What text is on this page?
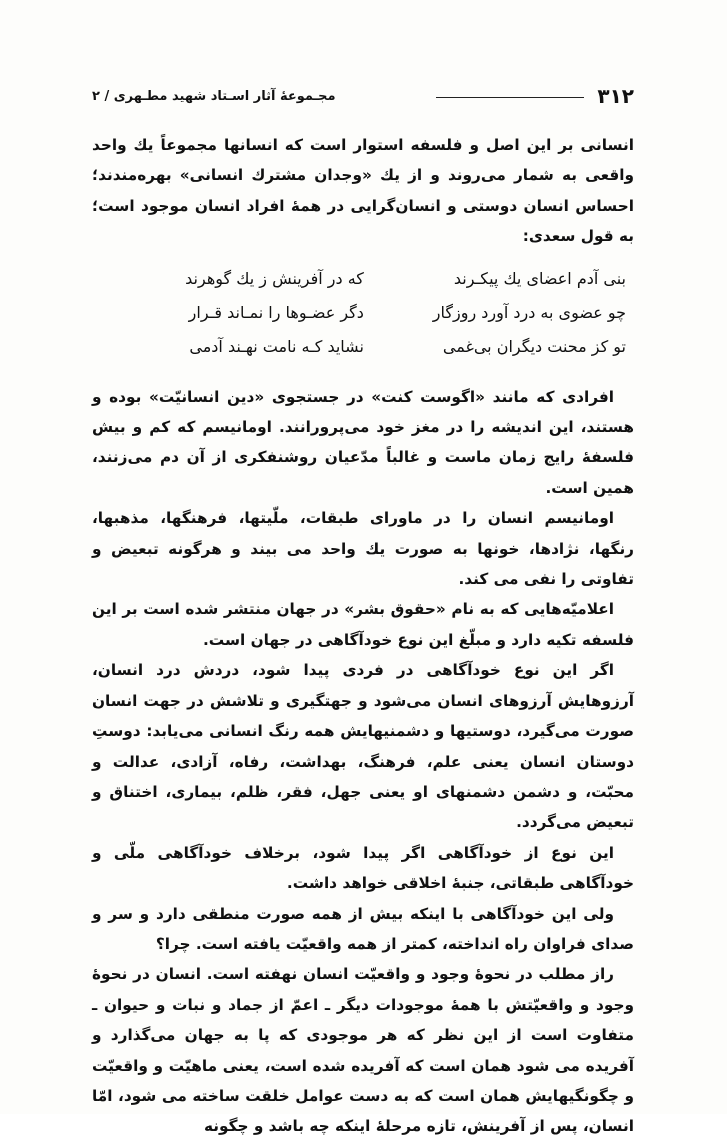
۳۱۲
مجـموعهٔ آثار اسـتاد شهید مطـهری / ۲

انسانی بر این اصل و فلسفه استوار است که انسانها مجموعاً یك واحد واقعی به شمار می‌روند و از یك «وجدان مشترك انسانی» بهره‌مندند؛ احساس انسان دوستی و انسان‌گرایی در همهٔ افراد انسان موجود است؛ به قول سعدی:

بنی آدم اعضای یك پیکـرند
که در آفرینش ز یك گوهرند
چو عضوی به درد آورد روزگار
دگر عضـوها را نمـاند قـرار
تو کز محنت دیگران بی‌غمی
نشاید کـه نامت نهـند آدمی

افرادی که مانند «اگوست کنت» در جستجوی «دین انسانیّت» بوده و هستند، این اندیشه را در مغز خود می‌پرورانند. اومانیسم که کم و بیش فلسفهٔ رایج زمان ماست و غالباً مدّعیان روشنفکری از آن دم می‌زنند، همین است.

اومانیسم انسان را در ماورای طبقات، ملّیتها، فرهنگها، مذهبها، رنگها، نژادها، خونها به صورت یك واحد می بیند و هرگونه تبعیض و تفاوتی را نفی می کند.

اعلامیّه‌هایی که به نام «حقوق بشر» در جهان منتشر شده است بر این فلسفه تکیه دارد و مبلّغ این نوع خودآگاهی در جهان است.

اگر این نوع خودآگاهی در فردی پیدا شود، دردش درد انسان، آرزوهایش آرزوهای انسان می‌شود و جهتگیری و تلاشش در جهت انسان صورت می‌گیرد، دوستیها و دشمنیهایش همه رنگ انسانی می‌یابد: دوستِ دوستان انسان یعنی علم، فرهنگ، بهداشت، رفاه، آزادی، عدالت و محبّت، و دشمن دشمنهای او یعنی جهل، فقر، ظلم، بیماری، اختناق و تبعیض می‌گردد.

این نوع از خودآگاهی اگر پیدا شود، برخلاف خودآگاهی ملّی و خودآگاهی طبقاتی، جنبهٔ اخلاقی خواهد داشت.

ولی این خودآگاهی با اینکه بیش از همه صورت منطقی دارد و سر و صدای فراوان راه انداخته، کمتر از همه واقعیّت یافته است. چرا؟

راز مطلب در نحوهٔ وجود و واقعیّت انسان نهفته است. انسان در نحوهٔ وجود و واقعیّتش با همهٔ موجودات دیگر ـ اعمّ از جماد و نبات و حیوان ـ متفاوت است از این نظر که هر موجودی که پا به جهان می‌گذارد و آفریده می شود همان است که آفریده شده است، یعنی ماهیّت و واقعیّت و چگونگیهایش همان است که به دست عوامل خلقت ساخته می شود، امّا انسان، پس از آفرینش، تازه مرحلهٔ اینکه چه باشد و چگونه
